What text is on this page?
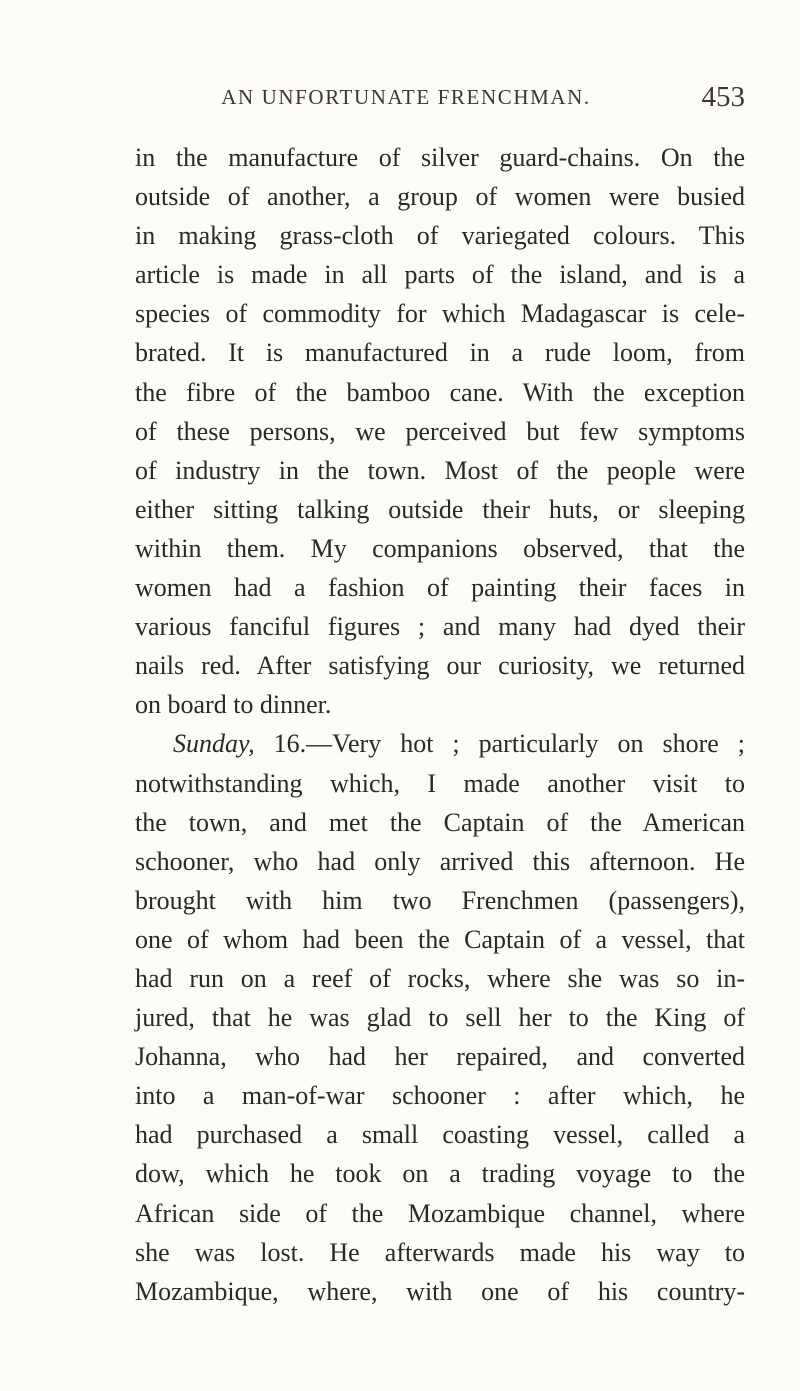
AN UNFORTUNATE FRENCHMAN.	453
in the manufacture of silver guard-chains. On the
outside of another, a group of women were busied
in making grass-cloth of variegated colours. This
article is made in all parts of the island, and is a
species of commodity for which Madagascar is cele-
brated. It is manufactured in a rude loom, from
the fibre of the bamboo cane. With the exception
of these persons, we perceived but few symptoms
of industry in the town. Most of the people were
either sitting talking outside their huts, or sleeping
within them. My companions observed, that the
women had a fashion of painting their faces in
various fanciful figures ; and many had dyed their
nails red. After satisfying our curiosity, we returned
on board to dinner.
Sunday, 16.—Very hot ; particularly on shore ;
notwithstanding which, I made another visit to
the town, and met the Captain of the American
schooner, who had only arrived this afternoon. He
brought with him two Frenchmen (passengers),
one of whom had been the Captain of a vessel, that
had run on a reef of rocks, where she was so in-
jured, that he was glad to sell her to the King of
Johanna, who had her repaired, and converted
into a man-of-war schooner : after which, he
had purchased a small coasting vessel, called a
dow, which he took on a trading voyage to the
African side of the Mozambique channel, where
she was lost. He afterwards made his way to
Mozambique, where, with one of his country-
